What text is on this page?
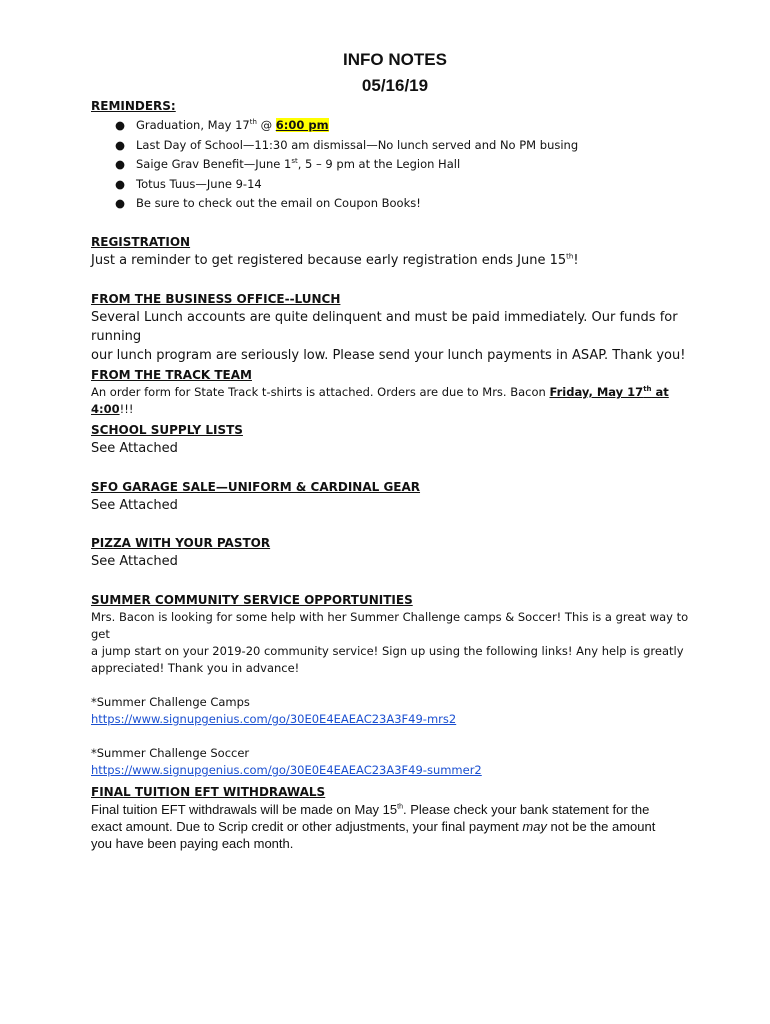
INFO NOTES
05/16/19
REMINDERS:
● Graduation, May 17th @ 6:00 pm
● Last Day of School—11:30 am dismissal—No lunch served and No PM busing
● Saige Grav Benefit—June 1st, 5 – 9 pm at the Legion Hall
● Totus Tuus—June 9-14
● Be sure to check out the email on Coupon Books!
REGISTRATION
Just a reminder to get registered because early registration ends June 15th!
FROM THE BUSINESS OFFICE--LUNCH
Several Lunch accounts are quite delinquent and must be paid immediately. Our funds for running
our lunch program are seriously low. Please send your lunch payments in ASAP. Thank you!
FROM THE TRACK TEAM
An order form for State Track t-shirts is attached. Orders are due to Mrs. Bacon Friday, May 17th at 4:00!!!
SCHOOL SUPPLY LISTS
See Attached
SFO GARAGE SALE—UNIFORM & CARDINAL GEAR
See Attached
PIZZA WITH YOUR PASTOR
See Attached
SUMMER COMMUNITY SERVICE OPPORTUNITIES
Mrs. Bacon is looking for some help with her Summer Challenge camps & Soccer! This is a great way to get
a jump start on your 2019-20 community service! Sign up using the following links! Any help is greatly
appreciated! Thank you in advance!
*Summer Challenge Camps
https://www.signupgenius.com/go/30E0E4EAEAC23A3F49-mrs2
*Summer Challenge Soccer
https://www.signupgenius.com/go/30E0E4EAEAC23A3F49-summer2
FINAL TUITION EFT WITHDRAWALS
Final tuition EFT withdrawals will be made on May 15th. Please check your bank statement for the
exact amount. Due to Scrip credit or other adjustments, your final payment may not be the amount
you have been paying each month.
